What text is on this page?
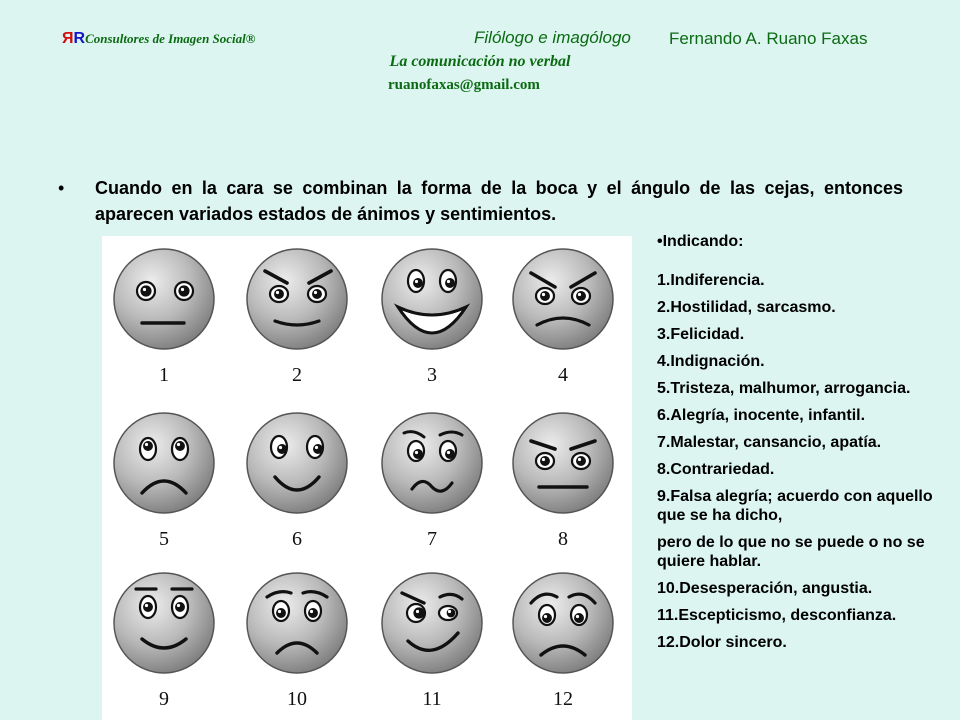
ЯRConsultores de Imagen Social®	Filólogo e imagólogo Fernando A. Ruano Faxas
La comunicación no verbal
ruanofaxas@gmail.com
• Cuando en la cara se combinan la forma de la boca y el ángulo de las cejas, entonces aparecen variados estados de ánimos y sentimientos.
1	2	3	4
5	6	7	8
9	10	11	12
•Indicando:
1.Indiferencia.
2.Hostilidad, sarcasmo.
3.Felicidad.
4.Indignación.
5.Tristeza, malhumor, arrogancia.
6.Alegría, inocente, infantil.
7.Malestar, cansancio, apatía.
8.Contrariedad.
9.Falsa alegría; acuerdo con aquello que se ha dicho,
pero de lo que no se puede o no se quiere hablar.
10.Desesperación, angustia.
11.Escepticismo, desconfianza.
12.Dolor sincero.
